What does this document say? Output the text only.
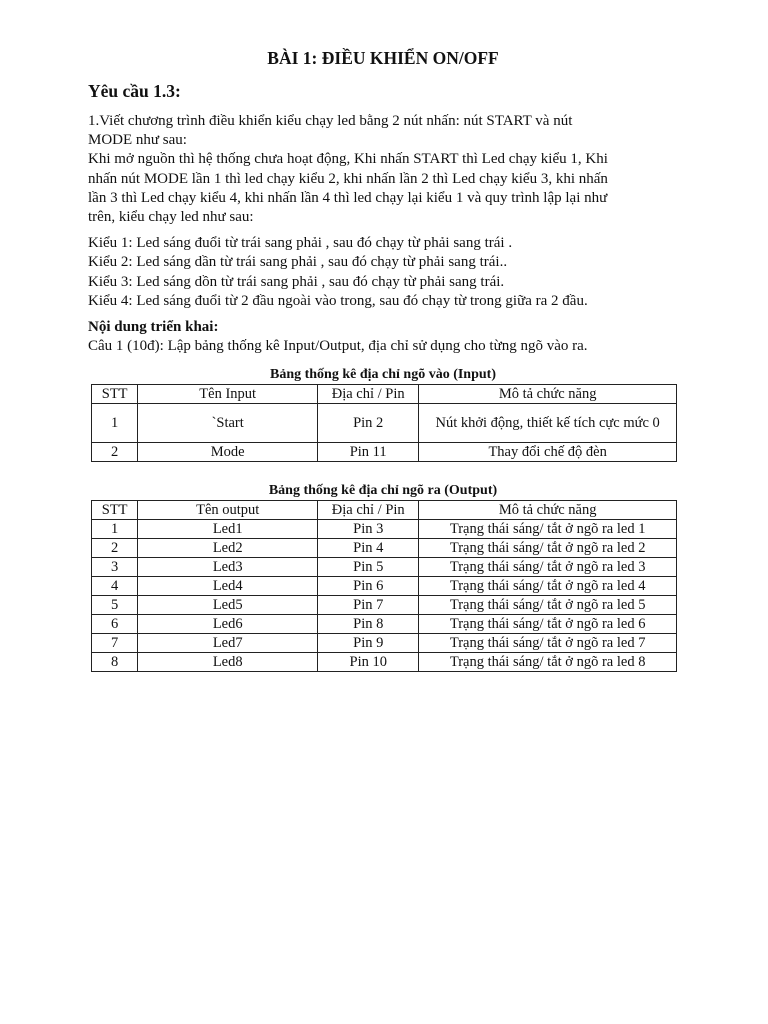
BÀI 1: ĐIỀU KHIỂN ON/OFF
Yêu cầu 1.3:
1.Viết chương trình điều khiển kiểu chạy led bằng 2 nút nhấn: nút START và nút
MODE như sau:
Khi mở nguồn thì hệ thống chưa hoạt động, Khi nhấn START thì Led chạy kiểu 1, Khi
nhấn nút MODE lần 1 thì led chạy kiểu 2, khi nhấn lần 2 thì Led chạy kiểu 3, khi nhấn
lần 3 thì Led chạy kiểu 4, khi nhấn lần 4 thì led chạy lại kiểu 1 và quy trình lập lại như
trên, kiểu chạy led như sau:
Kiểu 1: Led sáng đuổi từ trái sang phải , sau đó chạy từ phải sang trái .
Kiểu 2: Led sáng dần từ trái sang phải , sau đó chạy từ phải sang trái..
Kiểu 3: Led sáng dồn từ trái sang phải , sau đó chạy từ phải sang trái.
Kiểu 4: Led sáng đuổi từ 2 đầu ngoài vào trong, sau đó chạy từ trong giữa ra 2 đầu.
Nội dung triển khai:
Câu 1 (10đ): Lập bảng thống kê Input/Output, địa chỉ sử dụng cho từng ngõ vào ra.
Bảng thống kê địa chỉ ngõ vào (Input)
STT	Tên Input	Địa chỉ / Pin	Mô tả chức năng
1	`Start	Pin 2	Nút khởi động, thiết kế tích cực mức 0
2	Mode	Pin 11	Thay đổi chế độ đèn
Bảng thống kê địa chỉ ngõ ra (Output)
STT	Tên output	Địa chỉ / Pin	Mô tả chức năng
1	Led1	Pin 3	Trạng thái sáng/ tắt ở ngõ ra led 1
2	Led2	Pin 4	Trạng thái sáng/ tắt ở ngõ ra led 2
3	Led3	Pin 5	Trạng thái sáng/ tắt ở ngõ ra led 3
4	Led4	Pin 6	Trạng thái sáng/ tắt ở ngõ ra led 4
5	Led5	Pin 7	Trạng thái sáng/ tắt ở ngõ ra led 5
6	Led6	Pin 8	Trạng thái sáng/ tắt ở ngõ ra led 6
7	Led7	Pin 9	Trạng thái sáng/ tắt ở ngõ ra led 7
8	Led8	Pin 10	Trạng thái sáng/ tắt ở ngõ ra led 8
